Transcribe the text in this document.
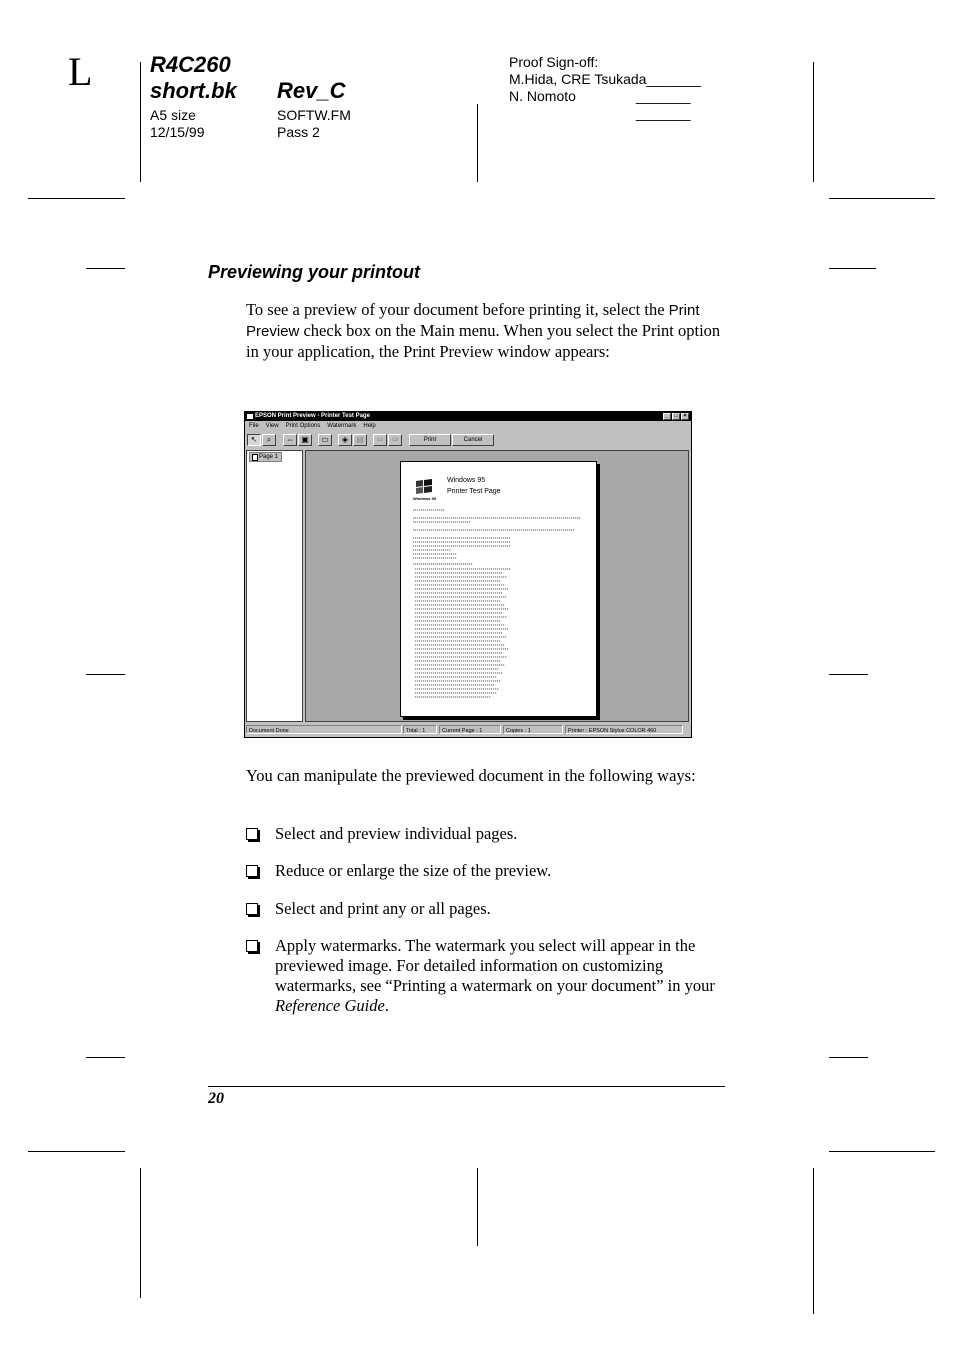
L	R4C260
short.bk Rev_C
A5 size
12/15/99
SOFTW.FM
Pass 2
Proof Sign-off:
M.Hida, CRE Tsukada_______
N. Nomoto	_______
_______
Previewing your printout
To see a preview of your document before printing it, select the Print Preview check box on the Main menu. When you select the Print option in your application, the Print Preview window appears:
EPSON Print Preview - Printer Test Page	_ □ ×
File View Print Options Watermark Help
↖	⌕	⇔ ▣	▭	◈	▤	⇦	⇨	Print	Cancel
Page 1
Windows 95
Windows 95
Printer Test Page
Document Done	Total : 1	Current Page : 1	Copies : 1	Printer : EPSON Stylus COLOR 460
You can manipulate the previewed document in the following ways:
Select and preview individual pages.
Reduce or enlarge the size of the preview.
Select and print any or all pages.
Apply watermarks. The watermark you select will appear in the previewed image. For detailed information on customizing watermarks, see “Printing a watermark on your document” in your Reference Guide.
20
